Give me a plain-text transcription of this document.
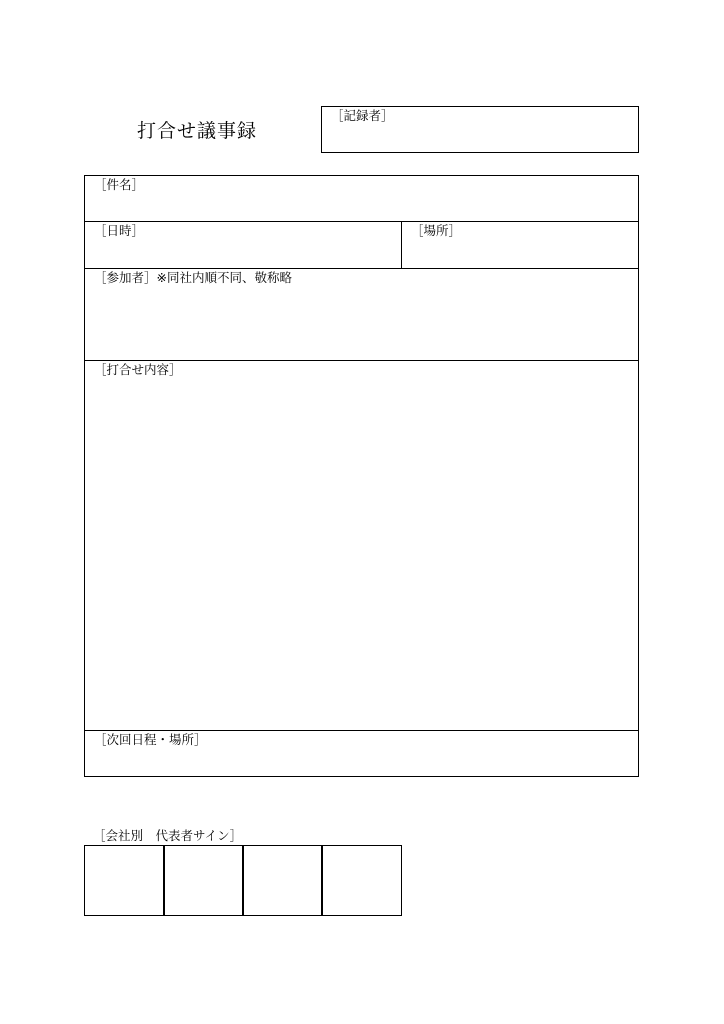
打合せ議事録
［記録者］
［件名］
［日時］	［場所］
［参加者］※同社内順不同、敬称略
［打合せ内容］
［次回日程・場所］
［会社別　代表者サイン］
